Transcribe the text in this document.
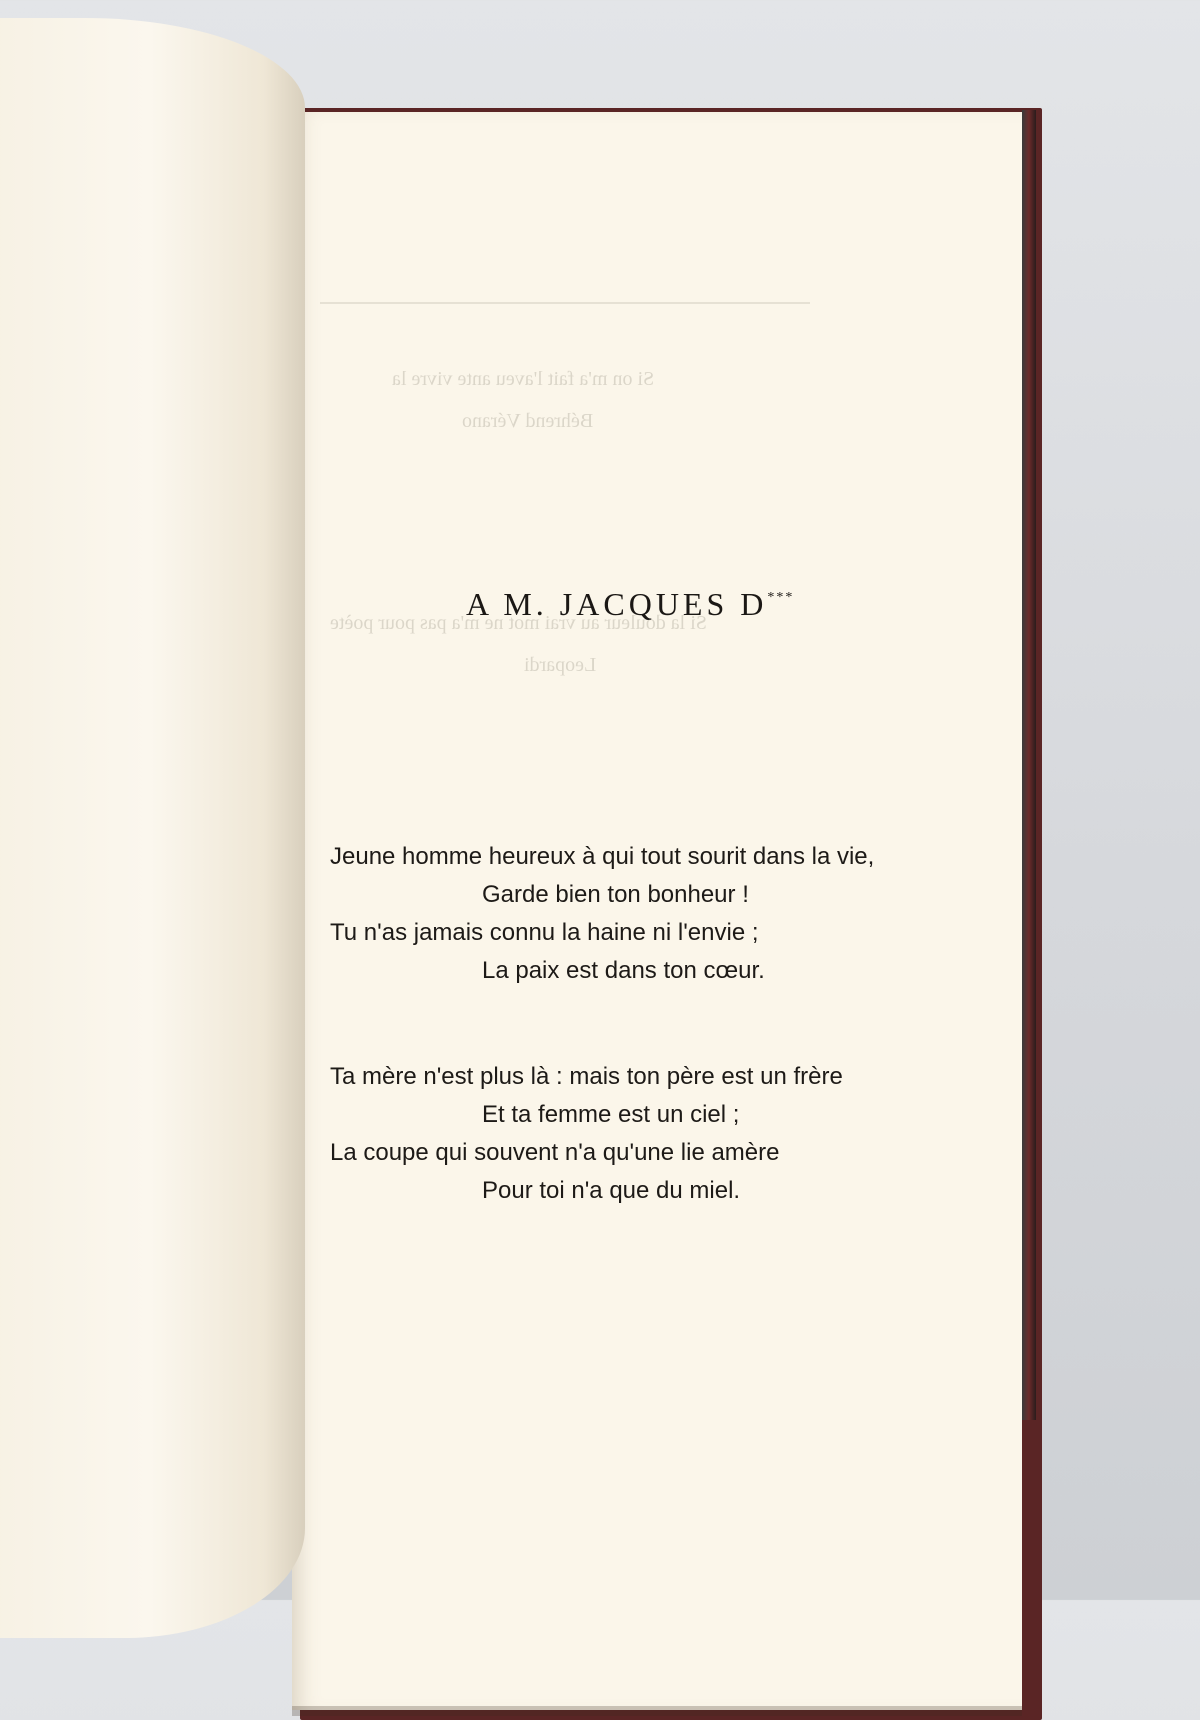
Si on m'a fait l'aveu ante vivre la
Béhrend Vérano
Si la douleur au vrai mot ne m'a pas pour poète
Leopardi
A M. JACQUES D***
Jeune homme heureux à qui tout sourit dans la vie,
Garde bien ton bonheur !
Tu n'as jamais connu la haine ni l'envie ;
La paix est dans ton cœur.
Ta mère n'est plus là : mais ton père est un frère
Et ta femme est un ciel ;
La coupe qui souvent n'a qu'une lie amère
Pour toi n'a que du miel.
